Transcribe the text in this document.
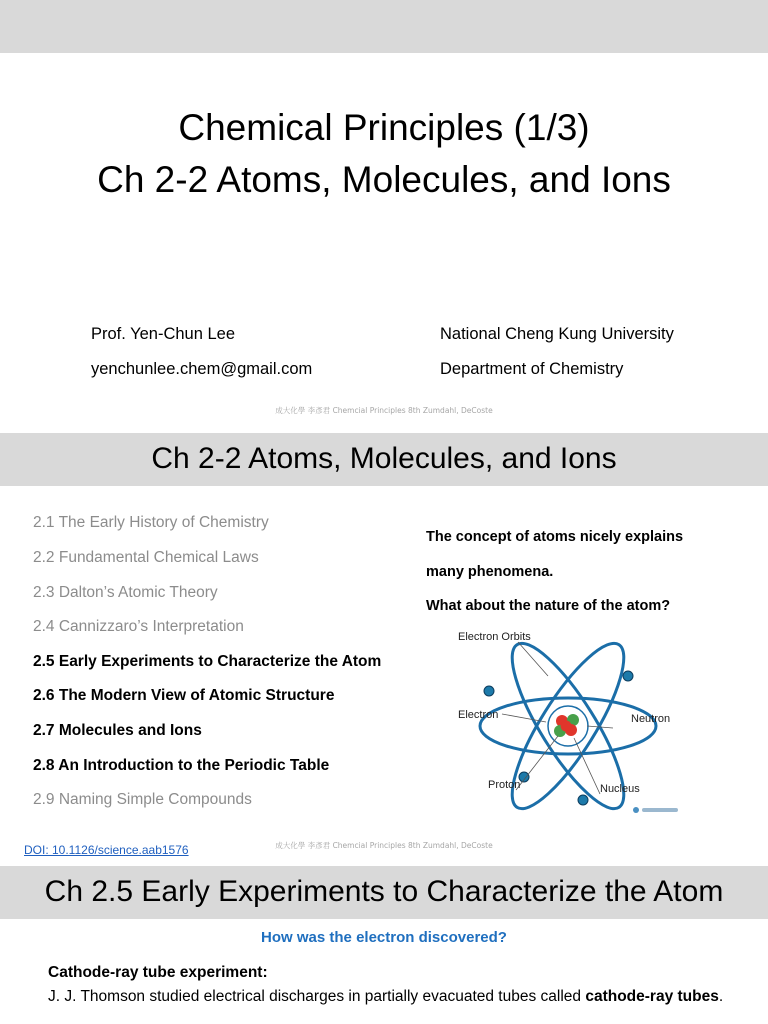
Chemical Principles (1/3)
Ch 2-2 Atoms, Molecules, and Ions
Prof. Yen-Chun Lee
yenchunlee.chem@gmail.com
National Cheng Kung University
Department of Chemistry
成大化學 李彥君 Chemcial Principles 8th Zumdahl, DeCoste
Ch 2-2 Atoms, Molecules, and Ions
2.1 The Early History of Chemistry
2.2 Fundamental Chemical Laws
2.3 Dalton’s Atomic Theory
2.4 Cannizzaro’s Interpretation
2.5 Early Experiments to Characterize the Atom
2.6 The Modern View of Atomic Structure
2.7 Molecules and Ions
2.8 An Introduction to the Periodic Table
2.9 Naming Simple Compounds
The concept of atoms nicely explains
many phenomena.
What about the nature of the atom?
Electron Orbits
Electron	Neutron
Proton	Nucleus
DOI: 10.1126/science.aab1576	成大化學 李彥君 Chemcial Principles 8th Zumdahl, DeCoste
Ch 2.5 Early Experiments to Characterize the Atom
How was the electron discovered?
Cathode-ray tube experiment:
J. J. Thomson studied electrical discharges in partially evacuated tubes called cathode-ray tubes.
